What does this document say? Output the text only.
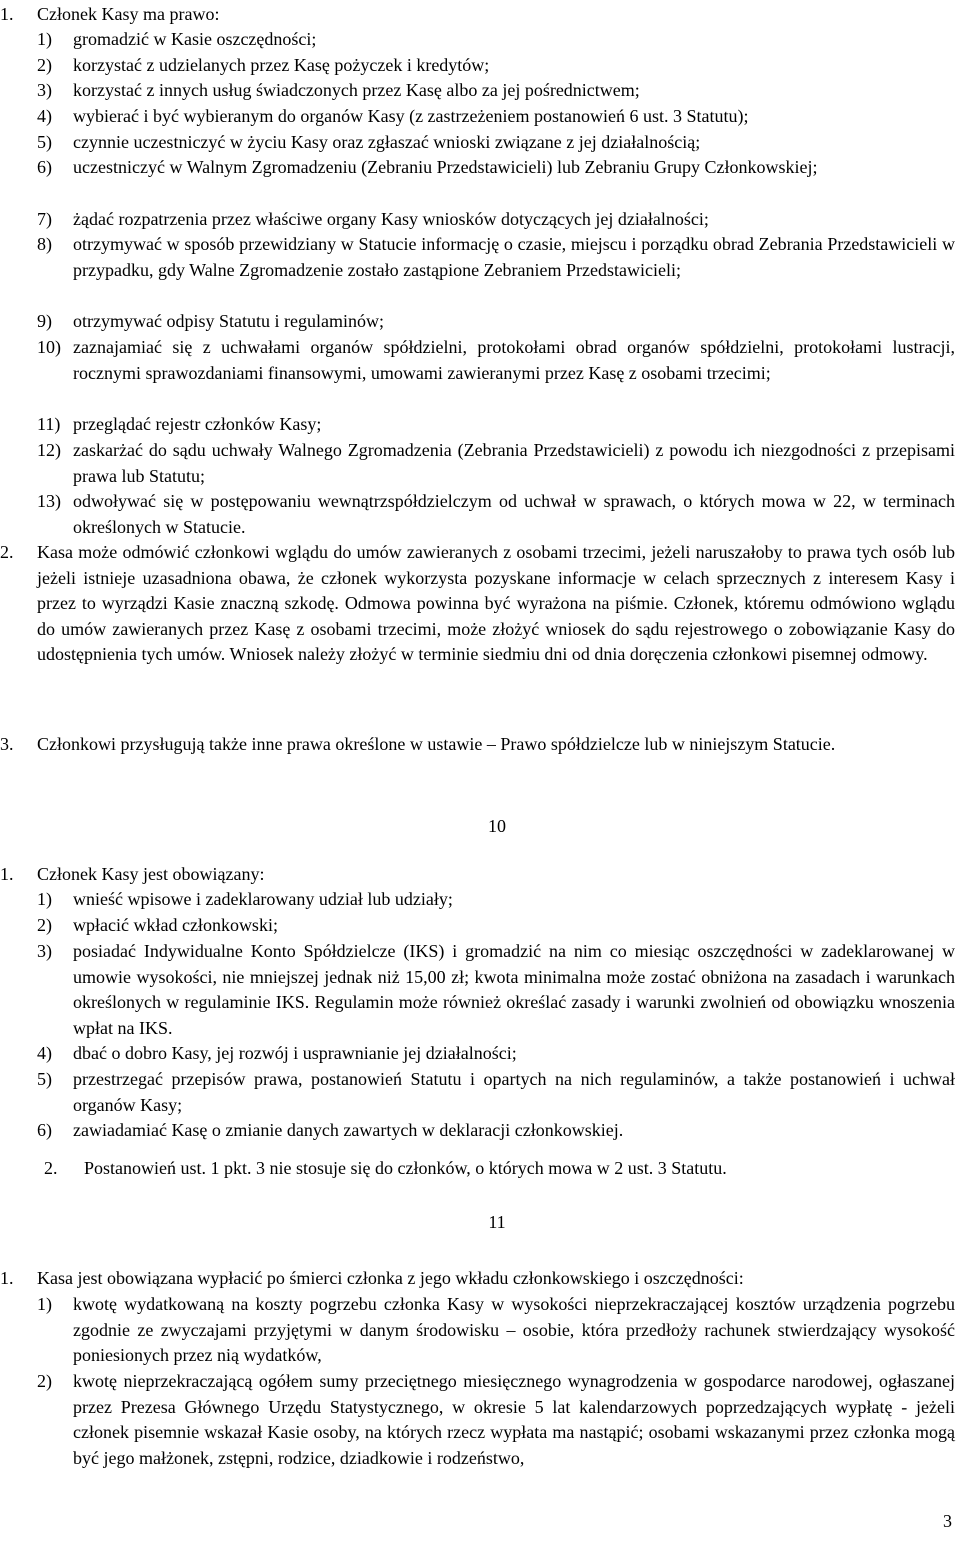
1. Członek Kasy ma prawo:
1)	gromadzić w Kasie oszczędności;
2)	korzystać z udzielanych przez Kasę pożyczek i kredytów;
3)	korzystać z innych usług świadczonych przez Kasę albo za jej pośrednictwem;
4)	wybierać i być wybieranym do organów Kasy (z zastrzeżeniem postanowień 6 ust. 3 Statutu);
5)	czynnie uczestniczyć w życiu Kasy oraz zgłaszać wnioski związane z jej działalnością;
6)	uczestniczyć w Walnym Zgromadzeniu (Zebraniu Przedstawicieli) lub Zebraniu Grupy Członkowskiej;
7)	żądać rozpatrzenia przez właściwe organy Kasy wniosków dotyczących jej działalności;
8)	otrzymywać w sposób przewidziany w Statucie informację o czasie, miejscu i porządku obrad Zebrania Przedstawicieli w przypadku, gdy Walne Zgromadzenie zostało zastąpione Zebraniem Przedstawicieli;
9)	otrzymywać odpisy Statutu i regulaminów;
10) zaznajamiać się z uchwałami organów spółdzielni, protokołami obrad organów spółdzielni, protokołami lustracji, rocznymi sprawozdaniami finansowymi, umowami zawieranymi przez Kasę z osobami trzecimi;
11) przeglądać rejestr członków Kasy;
12) zaskarżać do sądu uchwały Walnego Zgromadzenia (Zebrania Przedstawicieli) z powodu ich niezgodności z przepisami prawa lub Statutu;
13) odwoływać się w postępowaniu wewnątrzspółdzielczym od uchwał w sprawach, o których mowa w 22, w terminach określonych w Statucie.
2. Kasa może odmówić członkowi wglądu do umów zawieranych z osobami trzecimi, jeżeli naruszałoby to prawa tych osób lub jeżeli istnieje uzasadniona obawa, że członek wykorzysta pozyskane informacje w celach sprzecznych z interesem Kasy i przez to wyrządzi Kasie znaczną szkodę. Odmowa powinna być wyrażona na piśmie. Członek, któremu odmówiono wglądu do umów zawieranych przez Kasę z osobami trzecimi, może złożyć wniosek do sądu rejestrowego o zobowiązanie Kasy do udostępnienia tych umów. Wniosek należy złożyć w terminie siedmiu dni od dnia doręczenia członkowi pisemnej odmowy.
3. Członkowi przysługują także inne prawa określone w ustawie – Prawo spółdzielcze lub w niniejszym Statucie.
10
1. Członek Kasy jest obowiązany:
1)	wnieść wpisowe i zadeklarowany udział lub udziały;
2)	wpłacić wkład członkowski;
3)	posiadać Indywidualne Konto Spółdzielcze (IKS) i gromadzić na nim co miesiąc oszczędności w zadeklarowanej w umowie wysokości, nie mniejszej jednak niż 15,00 zł; kwota minimalna może zostać obniżona na zasadach i warunkach określonych w regulaminie IKS. Regulamin może również określać zasady i warunki zwolnień od obowiązku wnoszenia wpłat na IKS.
4)	dbać o dobro Kasy, jej rozwój i usprawnianie jej działalności;
5)	przestrzegać przepisów prawa, postanowień Statutu i opartych na nich regulaminów, a także postanowień i uchwał organów Kasy;
6)	zawiadamiać Kasę o zmianie danych zawartych w deklaracji członkowskiej.
2. Postanowień ust. 1 pkt. 3 nie stosuje się do członków, o których mowa w 2 ust. 3 Statutu.
11
1. Kasa jest obowiązana wypłacić po śmierci członka z jego wkładu członkowskiego i oszczędności:
1)	kwotę wydatkowaną na koszty pogrzebu członka Kasy w wysokości nieprzekraczającej kosztów urządzenia pogrzebu zgodnie ze zwyczajami przyjętymi w danym środowisku – osobie, która przedłoży rachunek stwierdzający wysokość poniesionych przez nią wydatków,
2)	kwotę nieprzekraczającą ogółem sumy przeciętnego miesięcznego wynagrodzenia w gospodarce narodowej, ogłaszanej przez Prezesa Głównego Urzędu Statystycznego, w okresie 5 lat kalendarzowych poprzedzających wypłatę - jeżeli członek pisemnie wskazał Kasie osoby, na których rzecz wypłata ma nastąpić; osobami wskazanymi przez członka mogą być jego małżonek, zstępni, rodzice, dziadkowie i rodzeństwo,
3
